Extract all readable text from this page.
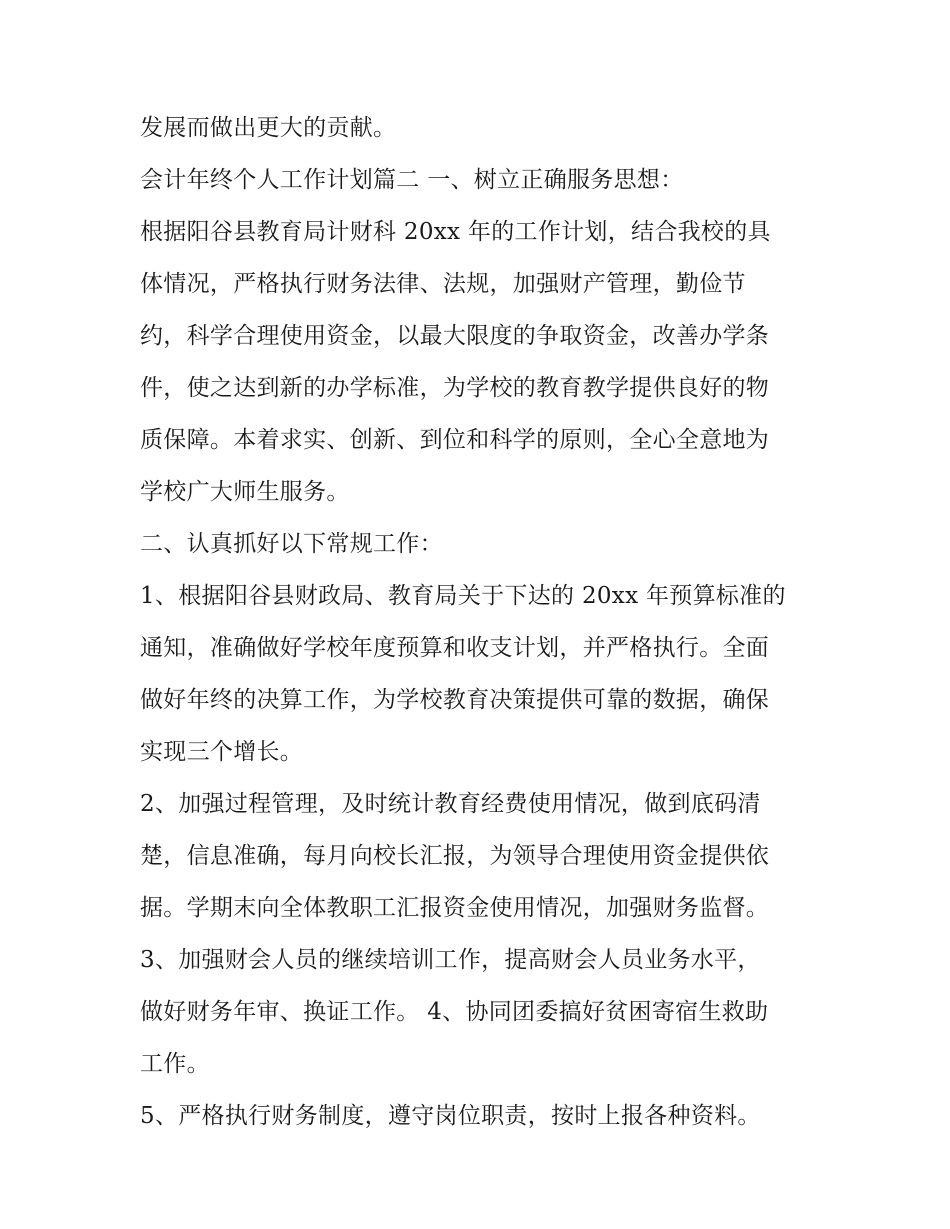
发展而做出更大的贡献。
会计年终个人工作计划篇二 一、树立正确服务思想：
根据阳谷县教育局计财科 20xx 年的工作计划，结合我校的具
体情况，严格执行财务法律、法规，加强财产管理，勤俭节
约，科学合理使用资金，以最大限度的争取资金，改善办学条
件，使之达到新的办学标准，为学校的教育教学提供良好的物
质保障。本着求实、创新、到位和科学的原则，全心全意地为
学校广大师生服务。
二、认真抓好以下常规工作：
1、根据阳谷县财政局、教育局关于下达的 20xx 年预算标准的
通知，准确做好学校年度预算和收支计划，并严格执行。全面
做好年终的决算工作，为学校教育决策提供可靠的数据，确保
实现三个增长。
2、加强过程管理，及时统计教育经费使用情况，做到底码清
楚，信息准确，每月向校长汇报，为领导合理使用资金提供依
据。学期末向全体教职工汇报资金使用情况，加强财务监督。
3、加强财会人员的继续培训工作，提高财会人员业务水平，
做好财务年审、换证工作。 4、协同团委搞好贫困寄宿生救助
工作。
5、严格执行财务制度，遵守岗位职责，按时上报各种资料。
